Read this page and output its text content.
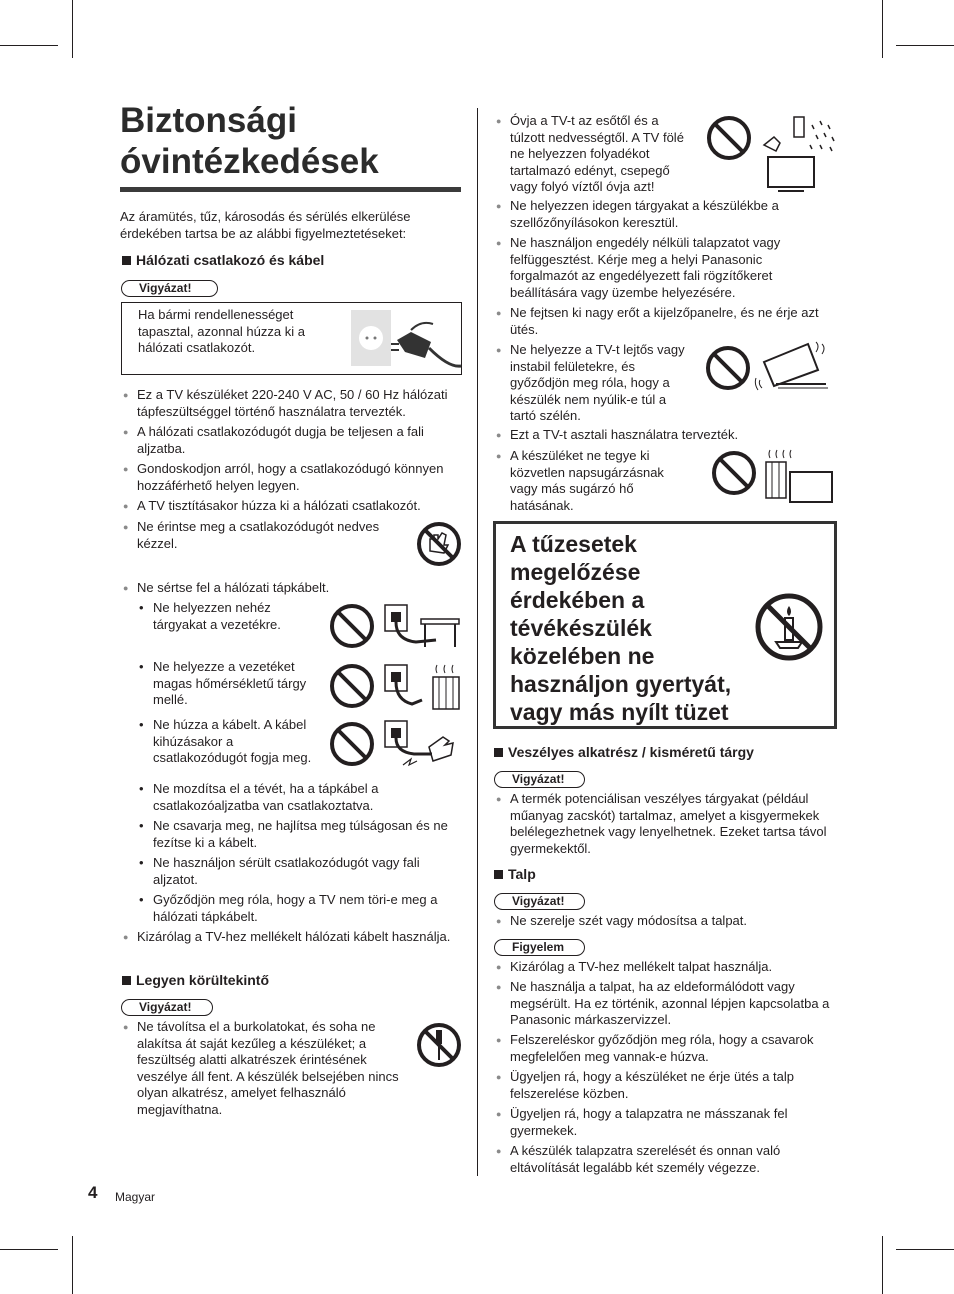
Biztonsági
óvintézkedések
Az áramütés, tűz, károsodás és sérülés elkerülése érdekében tartsa be az alábbi figyelmeztetéseket:
Hálózati csatlakozó és kábel
Vigyázat!
Ha bármi rendellenességet tapasztal, azonnal húzza ki a hálózati csatlakozót.
● Ez a TV készüléket 220-240 V AC, 50 / 60 Hz hálózati tápfeszültséggel történő használatra tervezték.
● A hálózati csatlakozódugót dugja be teljesen a fali aljzatba.
● Gondoskodjon arról, hogy a csatlakozódugó könnyen hozzáférhető helyen legyen.
● A TV tisztításakor húzza ki a hálózati csatlakozót.
● Ne érintse meg a csatlakozódugót nedves kézzel.
● Ne sértse fel a hálózati tápkábelt.
• Ne helyezzen nehéz tárgyakat a vezetékre.
• Ne helyezze a vezetéket magas hőmérsékletű tárgy mellé.
• Ne húzza a kábelt. A kábel kihúzásakor a csatlakozódugót fogja meg.
• Ne mozdítsa el a tévét, ha a tápkábel a csatlakozóaljzatba van csatlakoztatva.
• Ne csavarja meg, ne hajlítsa meg túlságosan és ne fezítse ki a kábelt.
• Ne használjon sérült csatlakozódugót vagy fali aljzatot.
• Győződjön meg róla, hogy a TV nem töri-e meg a hálózati tápkábelt.
● Kizárólag a TV-hez mellékelt hálózati kábelt használja.
Legyen körültekintő
Vigyázat!
● Ne távolítsa el a burkolatokat, és soha ne alakítsa át saját kezűleg a készüléket; a feszültség alatti alkatrészek érintésének veszélye áll fent. A készülék belsejében nincs olyan alkatrész, amelyet felhasználó megjavíthatna.
● Óvja a TV-t az esőtől és a túlzott nedvességtől. A TV fölé ne helyezzen folyadékot tartalmazó edényt, csepegő vagy folyó víztől óvja azt!
● Ne helyezzen idegen tárgyakat a készülékbe a szellőzőnyílásokon keresztül.
● Ne használjon engedély nélküli talapzatot vagy felfüggesztést. Kérje meg a helyi Panasonic forgalmazót az engedélyezett fali rögzítőkeret beállítására vagy üzembe helyezésére.
● Ne fejtsen ki nagy erőt a kijelzőpanelre, és ne érje azt ütés.
● Ne helyezze a TV-t lejtős vagy instabil felületekre, és győződjön meg róla, hogy a készülék nem nyúlik-e túl a tartó szélén.
● Ezt a TV-t asztali használatra tervezték.
● A készüléket ne tegye ki közvetlen napsugárzásnak vagy más sugárzó hő hatásának.
A tűzesetek megelőzése érdekében a tévékészülék közelében ne használjon gyertyát, vagy más nyílt tüzet
Veszélyes alkatrész / kisméretű tárgy
Vigyázat!
● A termék potenciálisan veszélyes tárgyakat (például műanyag zacskót) tartalmaz, amelyet a kisgyermekek belélegezhetnek vagy lenyelhetnek. Ezeket tartsa távol gyermekektől.
Talp
Vigyázat!
● Ne szerelje szét vagy módosítsa a talpat.
Figyelem
● Kizárólag a TV-hez mellékelt talpat használja.
● Ne használja a talpat, ha az eldeformálódott vagy megsérült. Ha ez történik, azonnal lépjen kapcsolatba a Panasonic márkaszervizzel.
● Felszereléskor győződjön meg róla, hogy a csavarok megfelelően meg vannak-e húzva.
● Ügyeljen rá, hogy a készüléket ne érje ütés a talp felszerelése közben.
● Ügyeljen rá, hogy a talapzatra ne másszanak fel gyermekek.
● A készülék talapzatra szerelését és onnan való eltávolítását legalább két személy végezze.
4 Magyar
